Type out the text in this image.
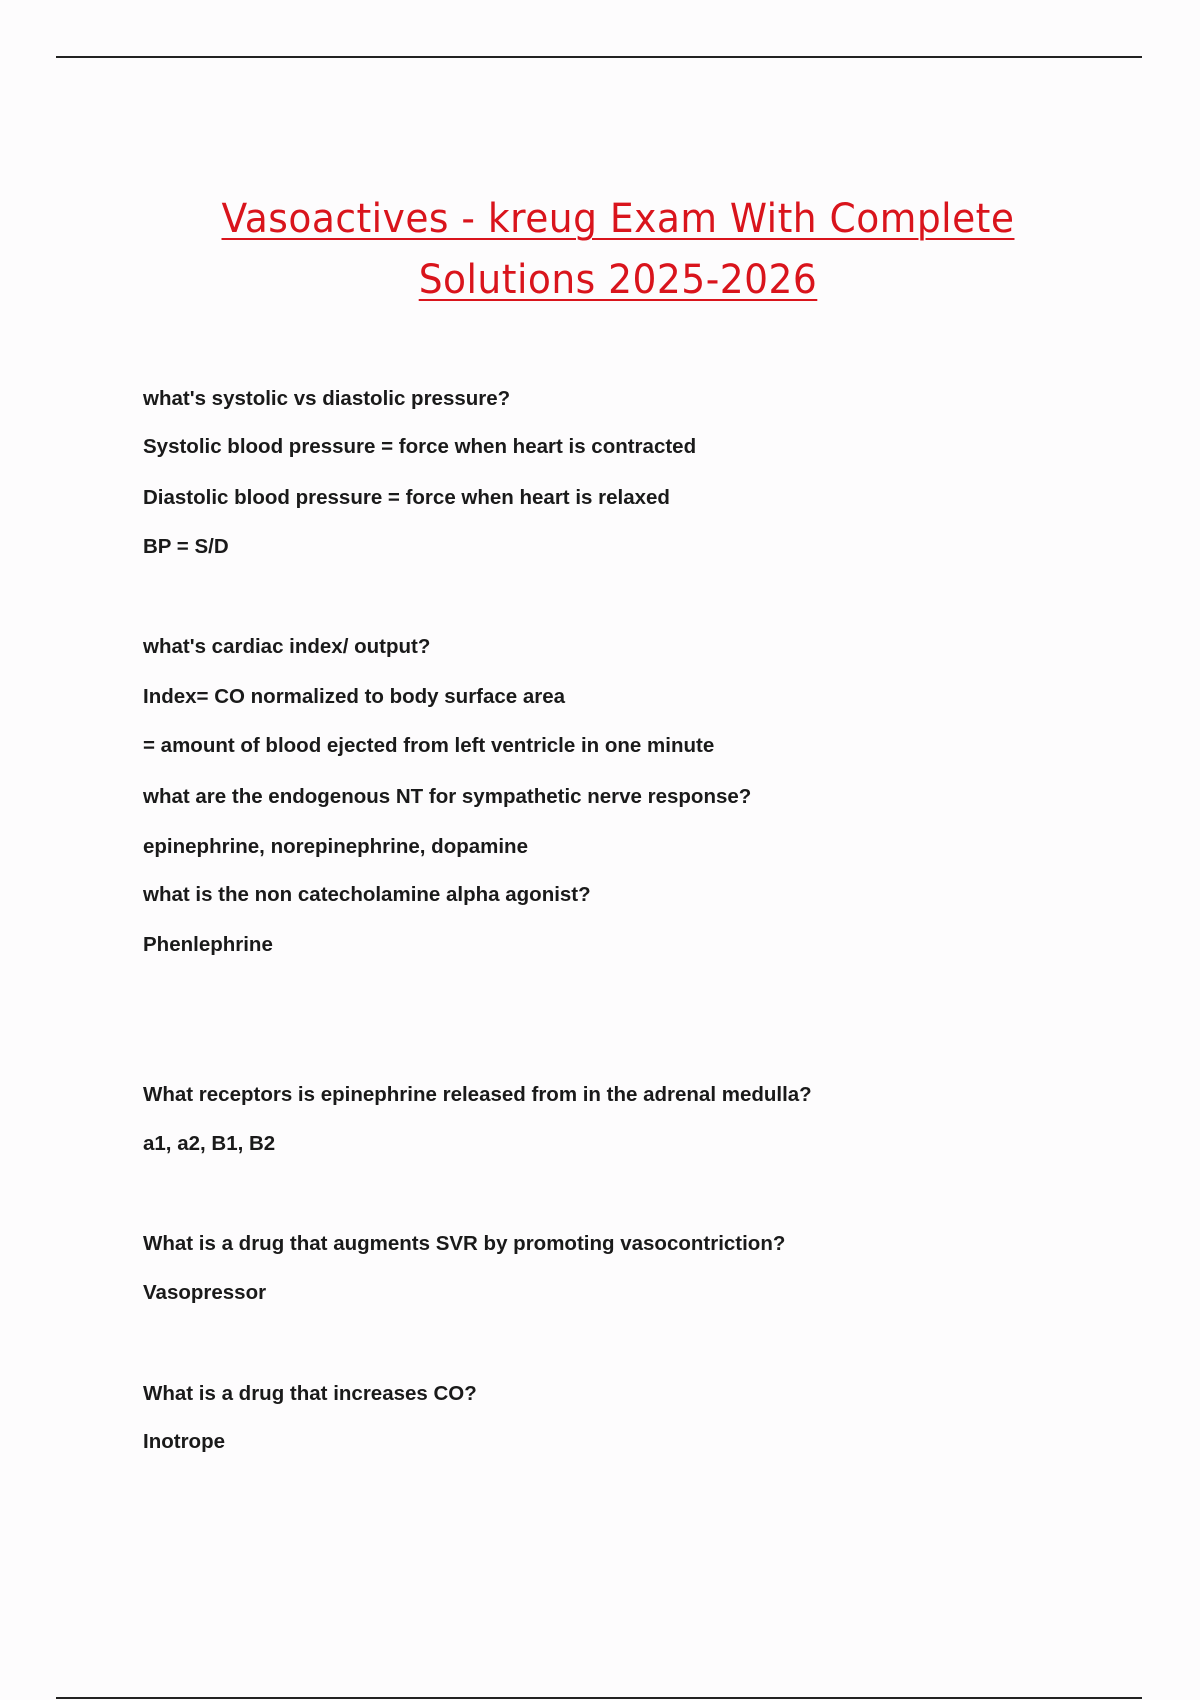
Vasoactives - kreug Exam With Complete
Solutions 2025-2026
what's systolic vs diastolic pressure?
Systolic blood pressure = force when heart is contracted
Diastolic blood pressure = force when heart is relaxed
BP = S/D
what's cardiac index/ output?
Index= CO normalized to body surface area
= amount of blood ejected from left ventricle in one minute
what are the endogenous NT for sympathetic nerve response?
epinephrine, norepinephrine, dopamine
what is the non catecholamine alpha agonist?
Phenlephrine
What receptors is epinephrine released from in the adrenal medulla?
a1, a2, B1, B2
What is a drug that augments SVR by promoting vasocontriction?
Vasopressor
What is a drug that increases CO?
Inotrope
